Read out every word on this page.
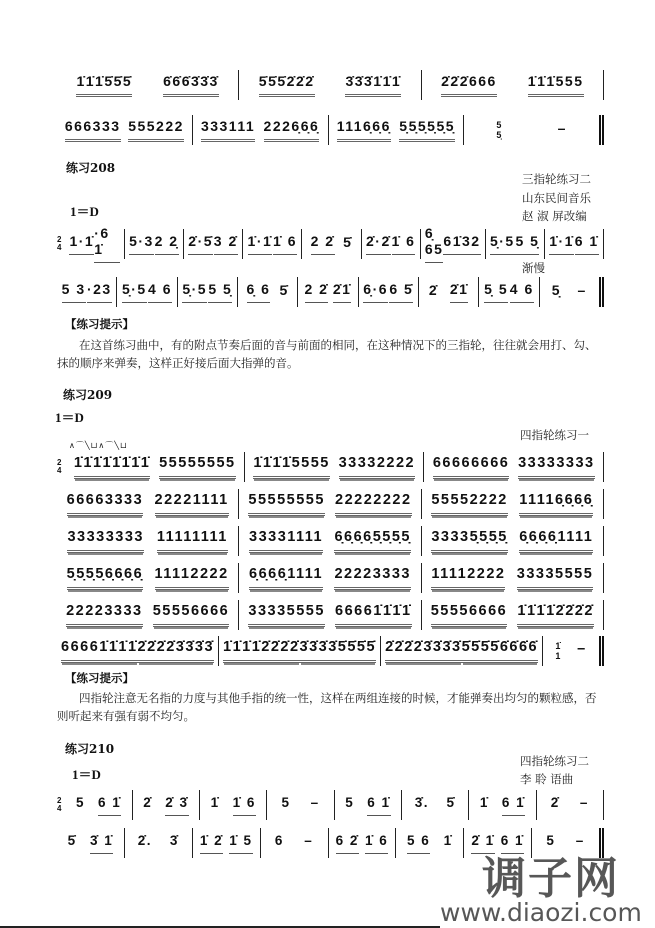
练习208
三指轮练习二
山东民间音乐
赵 淑 屏改编
1＝D
渐慢
【练习提示】
在这首练习曲中，有的附点节奏后面的音与前面的相同，在这种情况下的三指轮，往往就会用打、勾、抹的顺序来弹奏，这样正好接后面大指弹的音。
练习209
1＝D
四指轮练习一
∧⌒╲⊔∧⌒╲⊔
【练习提示】
四指轮注意无名指的力度与其他手指的统一性，这样在两组连接的时候，才能弹奏出均匀的颗粒感，否则听起来有强有弱不均匀。
练习210
四指轮练习二
李 聆 语曲
1＝D
1̇1̇1̇5̇5̇5̇ 6̇6̇6̇3̇3̇3̇	5̇5̇5̇2̇2̇2̇ 3̇3̇3̇1̇1̇1̇	2̇2̇2̇666 1̇1̇1̇555
666333 555222 333111 2226̣6̣6̣ 1116̣6̣6̣ 5̣5̣5̣5̣5̣5̣	5
5̣	–
2
4 1·1̇ ·6 1̇	5·3 2 2̣ 2̇·5̇ 3 2̇ 1̇·1̇ 1̇ 6 2 2̇ 5̇ 2̇·2̇ 1̇ 6 6̣ 65 61̇32 5̣·5 5 5̣ 1̇·1̇ 6 1̇
5 3 ·23 5̣·5 4 6 5̣·5 5 5̣ 6̣ 6 5̇ 2 2̇ 2̇1̇ 6̣·6 6 5̇ 2̇ 2̇1̇ 5̣ 5 4 6 5̣ –
2
4 1̇1̇1̇1̇1̇1̇1̇1̇ 55555555 1̇1̇1̇1̇5555 33332222 66666666 33333333
66663333 22221111 55555555 22222222 55552222 11116̣6̣6̣6̣
33333333 11111111 33331111 6̣6̣6̣6̣5̣5̣5̣5̣ 33335̣5̣5̣5̣ 6̣6̣6̣6̣1111
5̣5̣5̣5̣6̣6̣6̣6̣ 11112222 6̣6̣6̣6̣1111 22223333 11112222 33335555
22223333 55556666 33335555 66661̇1̇1̇1̇ 55556666 1̇1̇1̇1̇2̇2̇2̇2̇
66661̇1̇1̇1̇ 2̇2̇2̇2̇3̇3̇3̇3̇ 1̇1̇1̇1̇2̇2̇2̇2̇ 3̇3̇3̇3̇5̇5̇5̇5̇ 2̇2̇2̇2̇3̇3̇3̇3̇ 5̇5̇5̇5̇6̇6̇6̇6̇ 1̇
1 –
2
4 5 6 1̇ 2̇ 2̇ 3̇ 1̇ 1̇ 6 5 – 5 6 1̇ 3̇. 5̇ 1̇ 6 1̇ 2̇ –
5̇ 3̇ 1̇ 2̇. 3̇ 1̇ 2̇ 1̇ 5 6 – 6 2̇ 1̇ 6 5 6 1̇ 2̇ 1̇ 6 1̇ 5 –
调子网
www.diaozi.com
